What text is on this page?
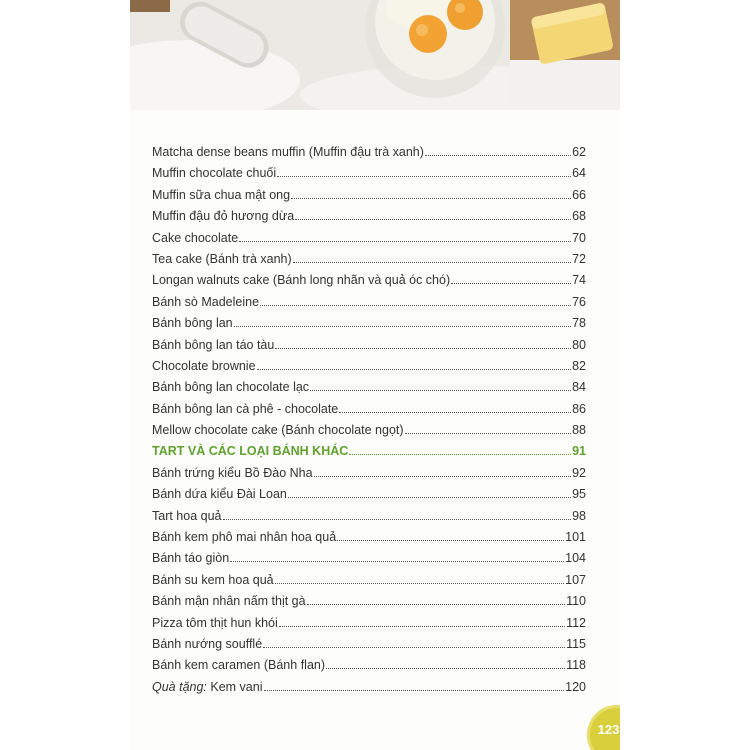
Matcha dense beans muffin (Muffin đậu trà xanh)	62
Muffin chocolate chuối	64
Muffin sữa chua mật ong	66
Muffin đậu đỏ hương dừa	68
Cake chocolate	70
Tea cake (Bánh trà xanh)	72
Longan walnuts cake (Bánh long nhãn và quả óc chó)	74
Bánh sò Madeleine	76
Bánh bông lan	78
Bánh bông lan táo tàu	80
Chocolate brownie	82
Bánh bông lan chocolate lạc	84
Bánh bông lan cà phê - chocolate	86
Mellow chocolate cake (Bánh chocolate ngọt)	88
TART VÀ CÁC LOẠI BÁNH KHÁC	91
Bánh trứng kiểu Bồ Đào Nha	92
Bánh dứa kiểu Đài Loan	95
Tart hoa quả	98
Bánh kem phô mai nhân hoa quả	101
Bánh táo giòn	104
Bánh su kem hoa quả	107
Bánh mận nhân nấm thịt gà	110
Pizza tôm thịt hun khói	112
Bánh nướng soufflé	115
Bánh kem caramen (Bánh flan)	118
Quà tặng: Kem vani	120
123
